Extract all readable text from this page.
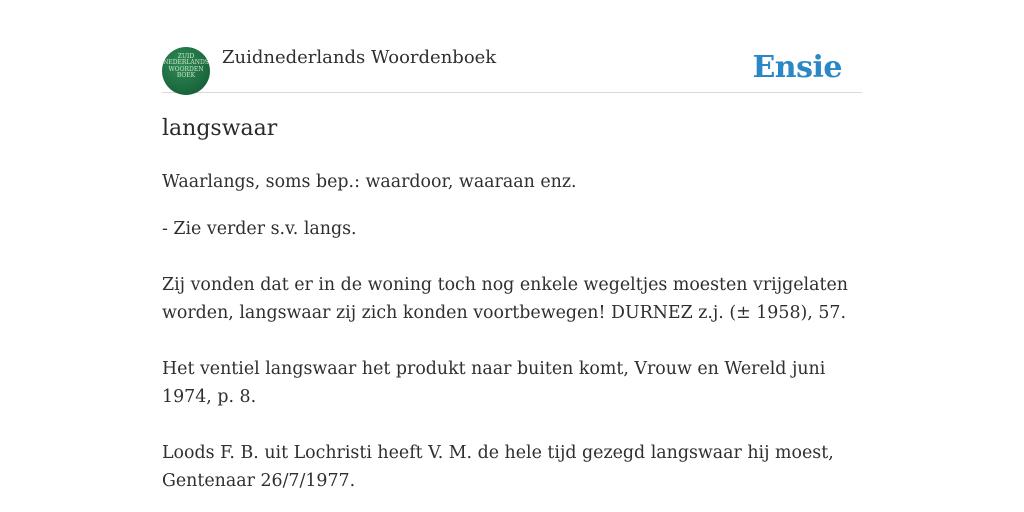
ZUID
NEDERLANDS
WOORDEN
BOEK
Zuidnederlands Woordenboek	Ensie
langswaar

Waarlangs, soms bep.: waardoor, waaraan enz.

- Zie verder s.v. langs.

Zij vonden dat er in de woning toch nog enkele wegeltjes moesten vrijgelaten worden, langswaar zij zich konden voortbewegen! DURNEZ z.j. (± 1958), 57.

Het ventiel langswaar het produkt naar buiten komt, Vrouw en Wereld juni 1974, p. 8.

Loods F. B. uit Lochristi heeft V. M. de hele tijd gezegd langswaar hij moest, Gentenaar 26/7/1977.
